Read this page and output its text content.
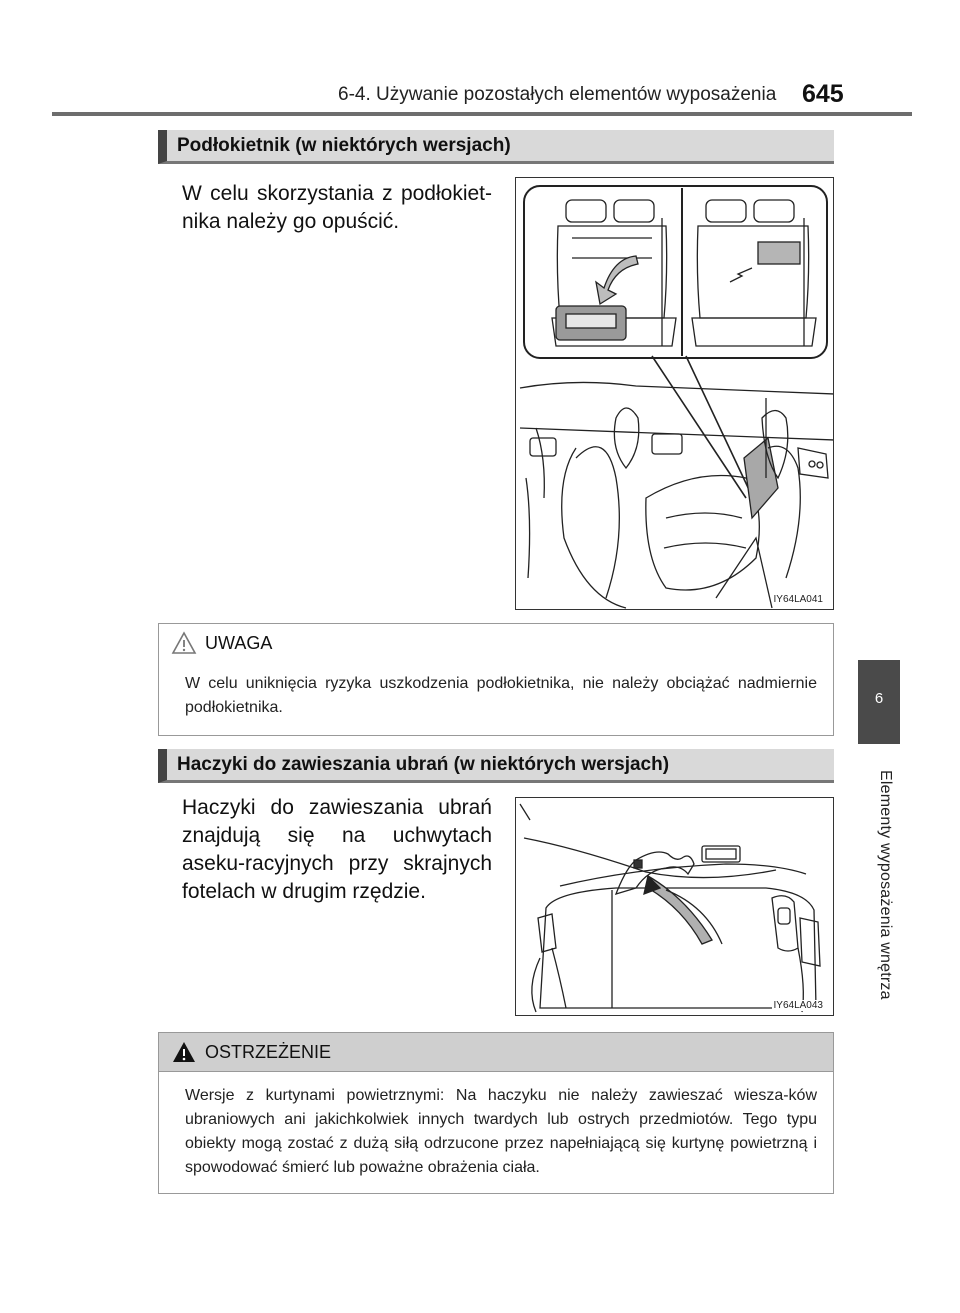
6-4. Używanie pozostałych elementów wyposażenia 645
6
Elementy wyposażenia wnętrza
Podłokietnik (w niektórych wersjach)
W celu skorzystania z podłokiet-nika należy go opuścić.
IY64LA041
UWAGA
W celu uniknięcia ryzyka uszkodzenia podłokietnika, nie należy obciążać nadmiernie podłokietnika.
Haczyki do zawieszania ubrań (w niektórych wersjach)
Haczyki do zawieszania ubrań znajdują się na uchwytach aseku-racyjnych przy skrajnych fotelach w drugim rzędzie.
IY64LA043
OSTRZEŻENIE
Wersje z kurtynami powietrznymi: Na haczyku nie należy zawieszać wiesza-ków ubraniowych ani jakichkolwiek innych twardych lub ostrych przedmiotów. Tego typu obiekty mogą zostać z dużą siłą odrzucone przez napełniającą się kurtynę powietrzną i spowodować śmierć lub poważne obrażenia ciała.
